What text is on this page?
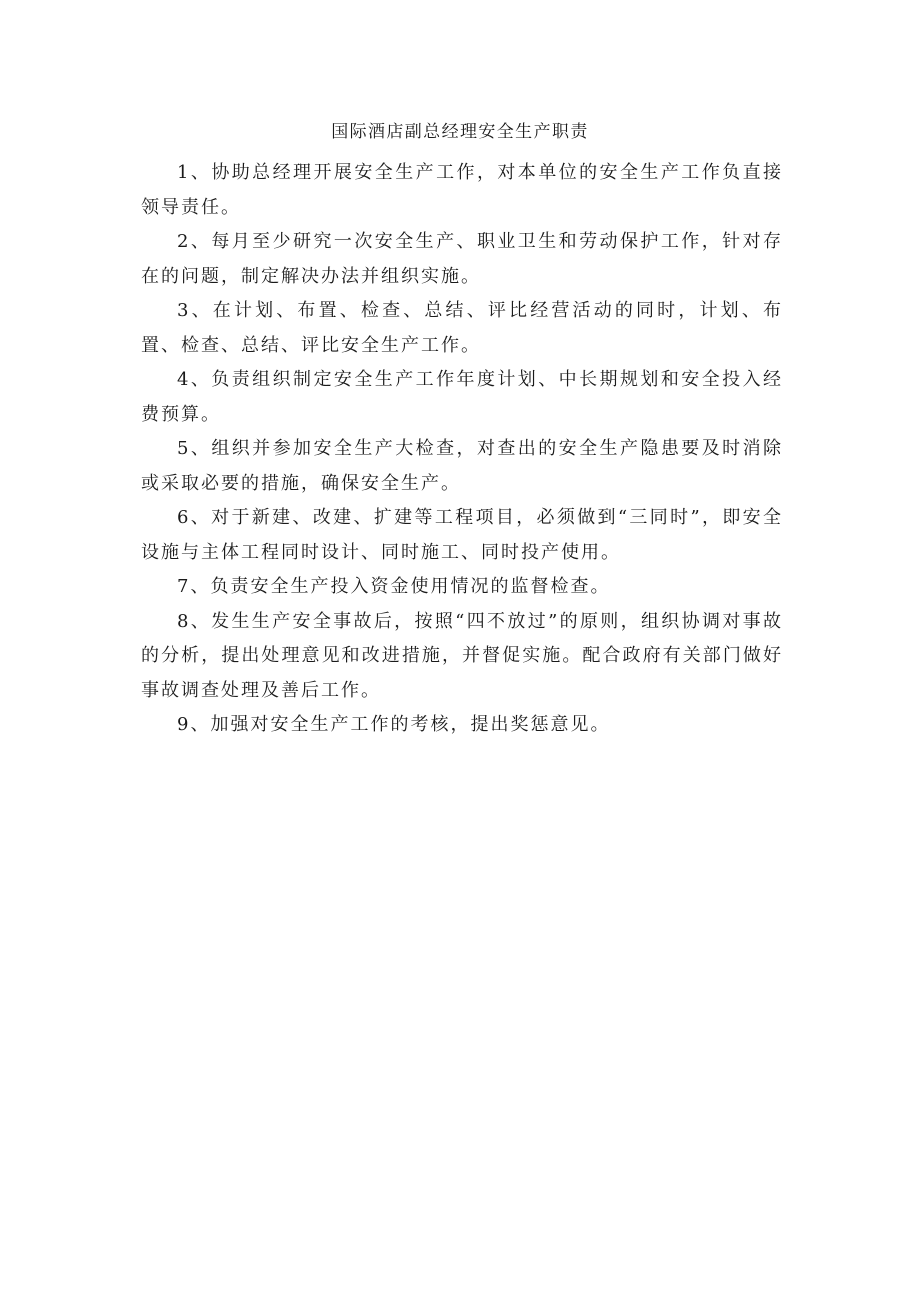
国际酒店副总经理安全生产职责

1、协助总经理开展安全生产工作，对本单位的安全生产工作负直接领导责任。

2、每月至少研究一次安全生产、职业卫生和劳动保护工作，针对存在的问题，制定解决办法并组织实施。

3、在计划、布置、检查、总结、评比经营活动的同时，计划、布置、检查、总结、评比安全生产工作。

4、负责组织制定安全生产工作年度计划、中长期规划和安全投入经费预算。

5、组织并参加安全生产大检查，对查出的安全生产隐患要及时消除或采取必要的措施，确保安全生产。

6、对于新建、改建、扩建等工程项目，必须做到“三同时”，即安全设施与主体工程同时设计、同时施工、同时投产使用。

7、负责安全生产投入资金使用情况的监督检查。

8、发生生产安全事故后，按照“四不放过”的原则，组织协调对事故的分析，提出处理意见和改进措施，并督促实施。配合政府有关部门做好事故调查处理及善后工作。

9、加强对安全生产工作的考核，提出奖惩意见。
